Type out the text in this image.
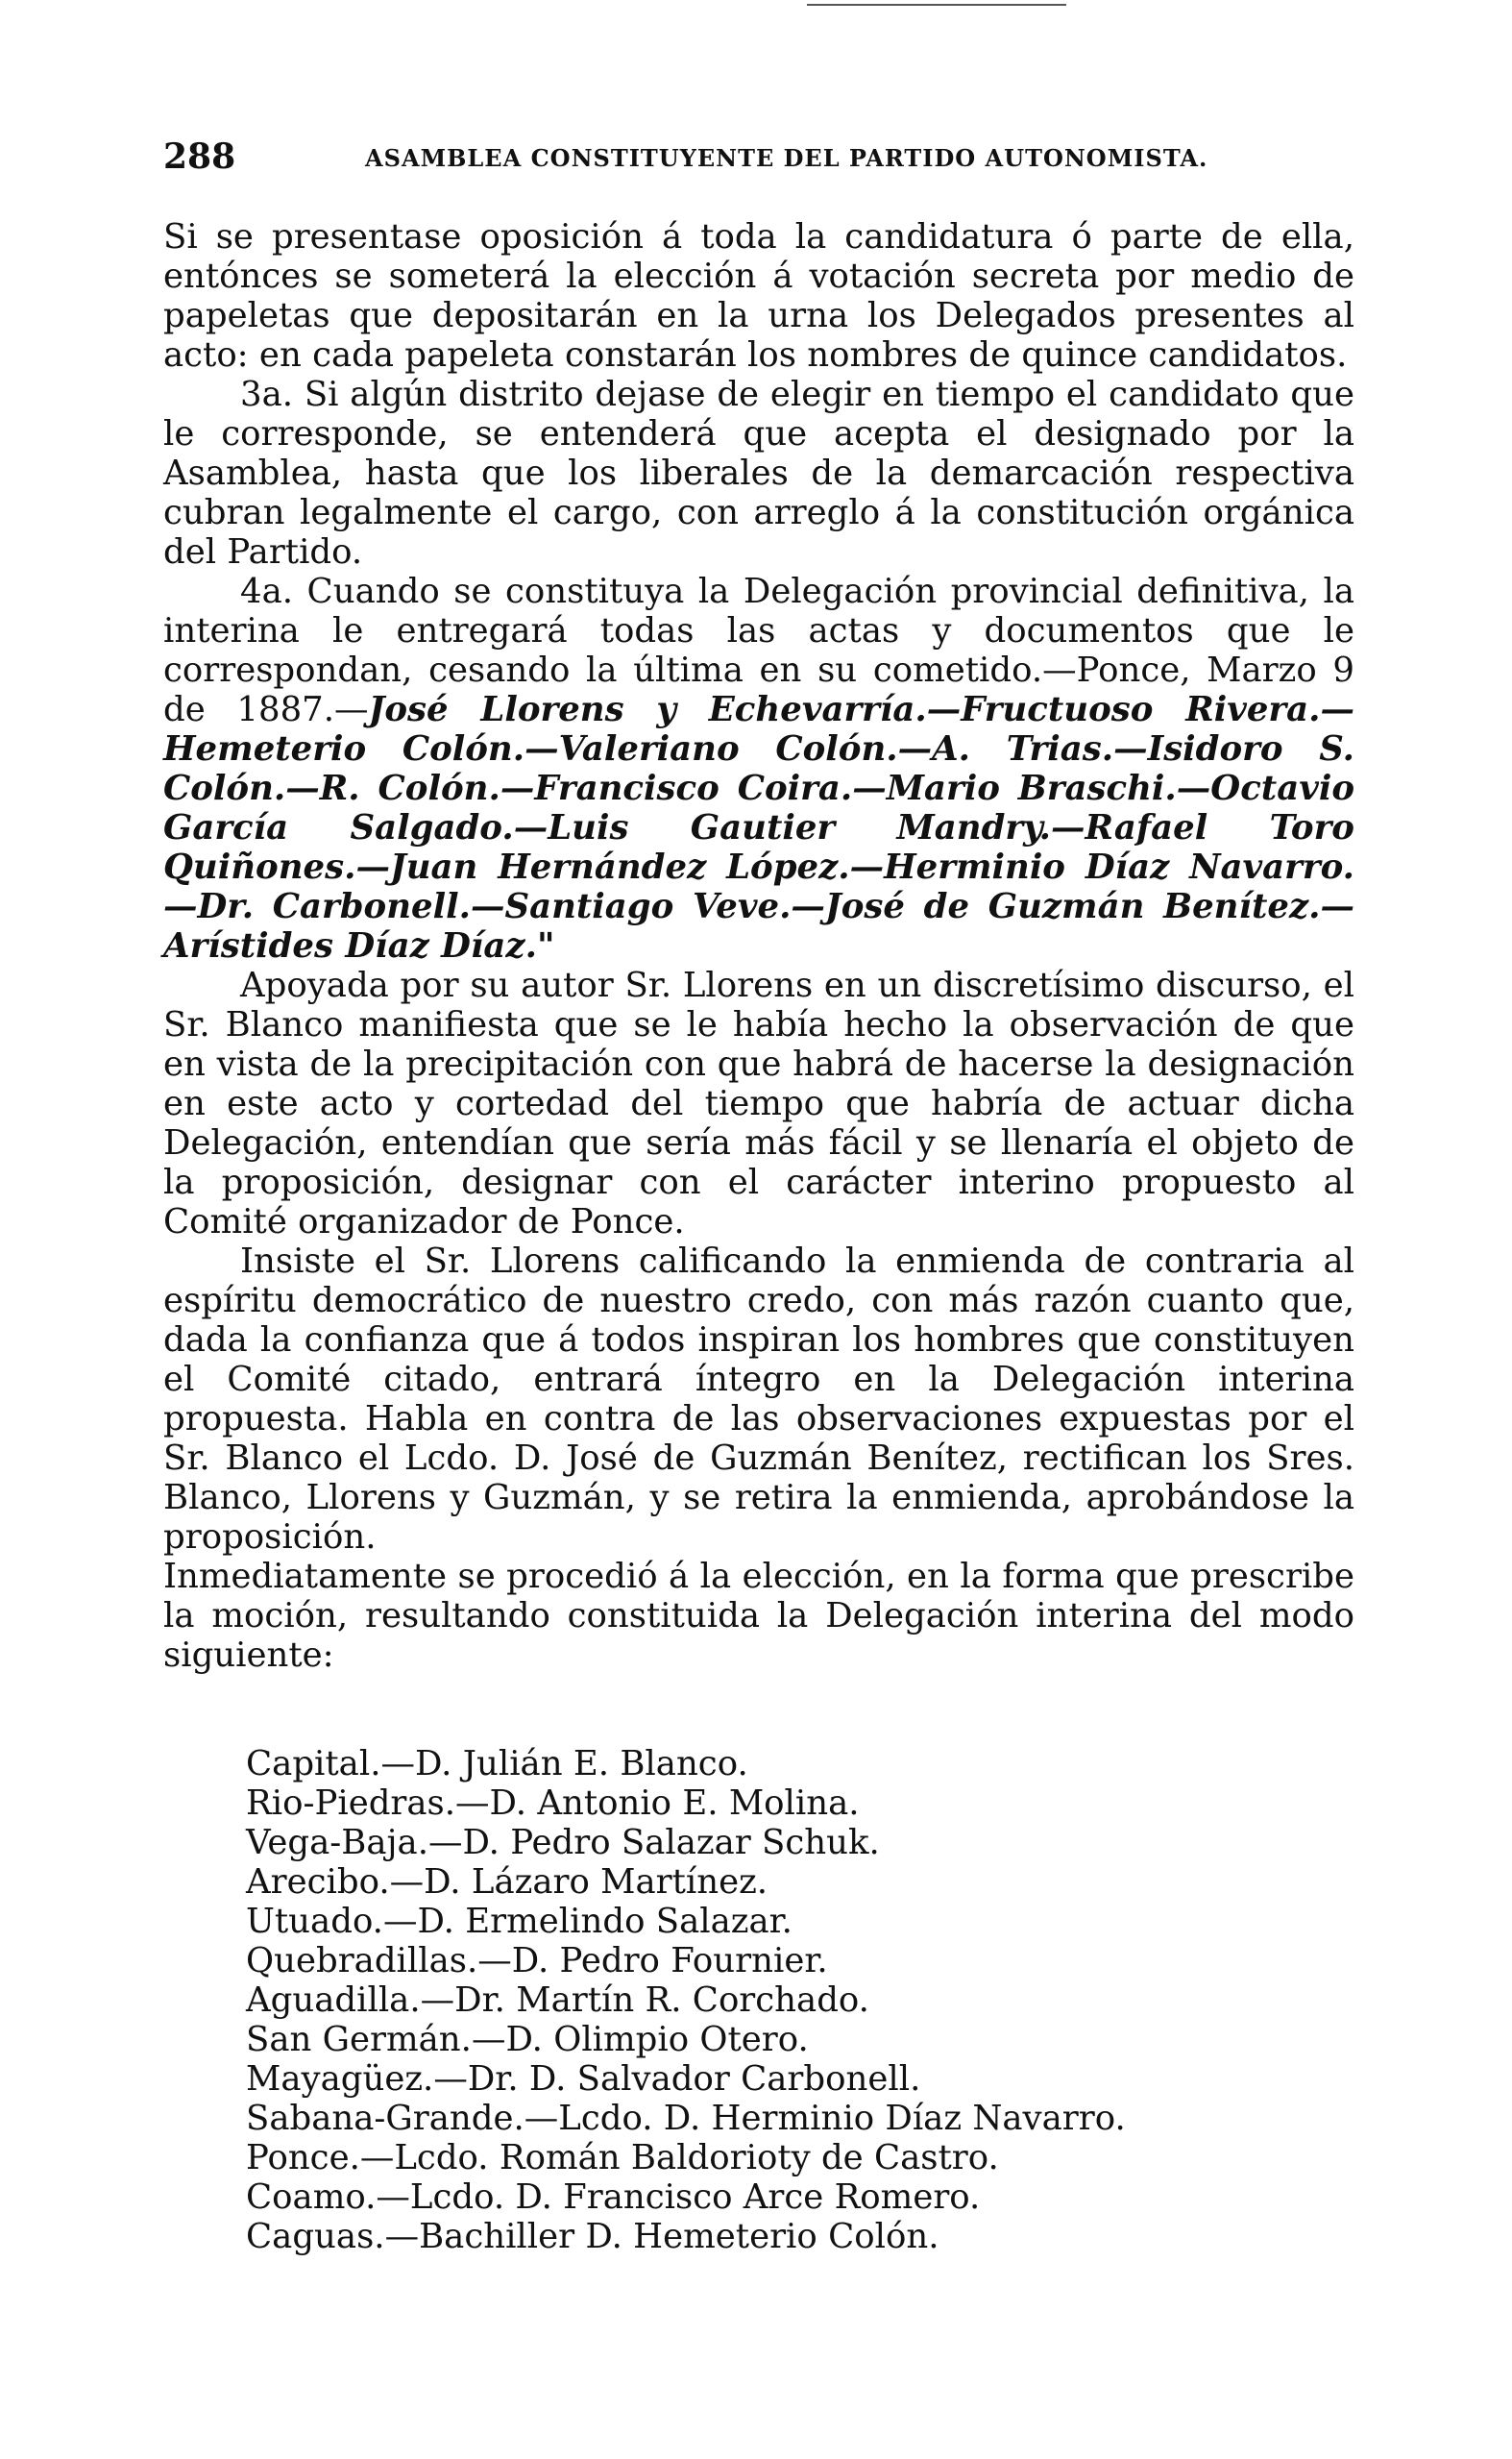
288	ASAMBLEA CONSTITUYENTE DEL PARTIDO AUTONOMISTA.

Si se presentase oposición á toda la candidatura ó parte de ella, entónces se someterá la elección á votación secreta por medio de papeletas que depositarán en la urna los Delegados presentes al acto: en cada papeleta constarán los nombres de quince candidatos.

3a. Si algún distrito dejase de elegir en tiempo el candidato que le corresponde, se entenderá que acepta el designado por la Asamblea, hasta que los liberales de la demarcación respectiva cubran legalmente el cargo, con arreglo á la constitución orgánica del Partido.

4a. Cuando se constituya la Delegación provincial definitiva, la interina le entregará todas las actas y documentos que le correspondan, cesando la última en su cometido.—Ponce, Marzo 9 de 1887.—José Llorens y Echevarría.—Fructuoso Rivera.—Hemeterio Colón.—Valeriano Colón.—A. Trias.—Isidoro S. Colón.—R. Colón.—Francisco Coira.—Mario Braschi.—Octavio García Salgado.—Luis Gautier Mandry.—Rafael Toro Quiñones.—Juan Hernández López.—Herminio Díaz Navarro.—Dr. Carbonell.—Santiago Veve.—José de Guzmán Benítez.—Arístides Díaz Díaz."

Apoyada por su autor Sr. Llorens en un discretísimo discurso, el Sr. Blanco manifiesta que se le había hecho la observación de que en vista de la precipitación con que habrá de hacerse la designación en este acto y cortedad del tiempo que habría de actuar dicha Delegación, entendían que sería más fácil y se llenaría el objeto de la proposición, designar con el carácter interino propuesto al Comité organizador de Ponce.

Insiste el Sr. Llorens calificando la enmienda de contraria al espíritu democrático de nuestro credo, con más razón cuanto que, dada la confianza que á todos inspiran los hombres que constituyen el Comité citado, entrará íntegro en la Delegación interina propuesta. Habla en contra de las observaciones expuestas por el Sr. Blanco el Lcdo. D. José de Guzmán Benítez, rectifican los Sres. Blanco, Llorens y Guzmán, y se retira la enmienda, aprobándose la proposición.

Inmediatamente se procedió á la elección, en la forma que prescribe la moción, resultando constituida la Delegación interina del modo siguiente:

Capital.—D. Julián E. Blanco.
Rio-Piedras.—D. Antonio E. Molina.
Vega-Baja.—D. Pedro Salazar Schuk.
Arecibo.—D. Lázaro Martínez.
Utuado.—D. Ermelindo Salazar.
Quebradillas.—D. Pedro Fournier.
Aguadilla.—Dr. Martín R. Corchado.
San Germán.—D. Olimpio Otero.
Mayagüez.—Dr. D. Salvador Carbonell.
Sabana-Grande.—Lcdo. D. Herminio Díaz Navarro.
Ponce.—Lcdo. Román Baldorioty de Castro.
Coamo.—Lcdo. D. Francisco Arce Romero.
Caguas.—Bachiller D. Hemeterio Colón.
